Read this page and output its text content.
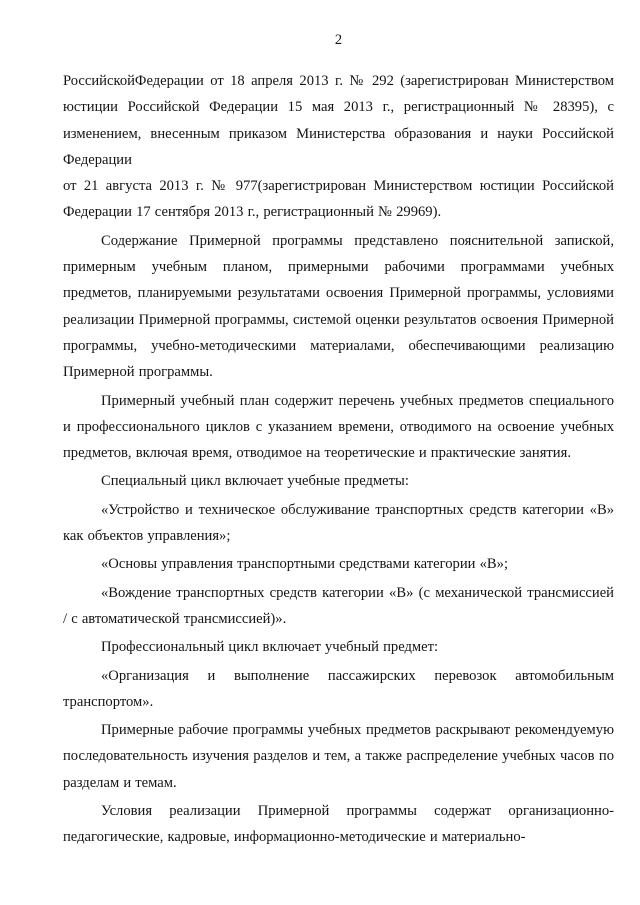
2

РоссийскойФедерации от 18 апреля 2013 г. № 292 (зарегистрирован Министерством юстиции Российской Федерации 15 мая 2013 г., регистрационный № 28395), с изменением, внесенным приказом Министерства образования и науки Российской Федерации

от 21 августа 2013 г. № 977(зарегистрирован Министерством юстиции Российской Федерации 17 сентября 2013 г., регистрационный № 29969).

Содержание Примерной программы представлено пояснительной запиской, примерным учебным планом, примерными рабочими программами учебных предметов, планируемыми результатами освоения Примерной программы, условиями реализации Примерной программы, системой оценки результатов освоения Примерной программы, учебно-методическими материалами, обеспечивающими реализацию Примерной программы.

Примерный учебный план содержит перечень учебных предметов специального и профессионального циклов с указанием времени, отводимого на освоение учебных предметов, включая время, отводимое на теоретические и практические занятия.

Специальный цикл включает учебные предметы:

«Устройство и техническое обслуживание транспортных средств категории «В» как объектов управления»;

«Основы управления транспортными средствами категории «В»;

«Вождение транспортных средств категории «В» (с механической трансмиссией / с автоматической трансмиссией)».

Профессиональный цикл включает учебный предмет:

«Организация и выполнение пассажирских перевозок автомобильным транспортом».

Примерные рабочие программы учебных предметов раскрывают рекомендуемую последовательность изучения разделов и тем, а также распределение учебных часов по разделам и темам.

Условия реализации Примерной программы содержат организационно-педагогические, кадровые, информационно-методические и материально-
